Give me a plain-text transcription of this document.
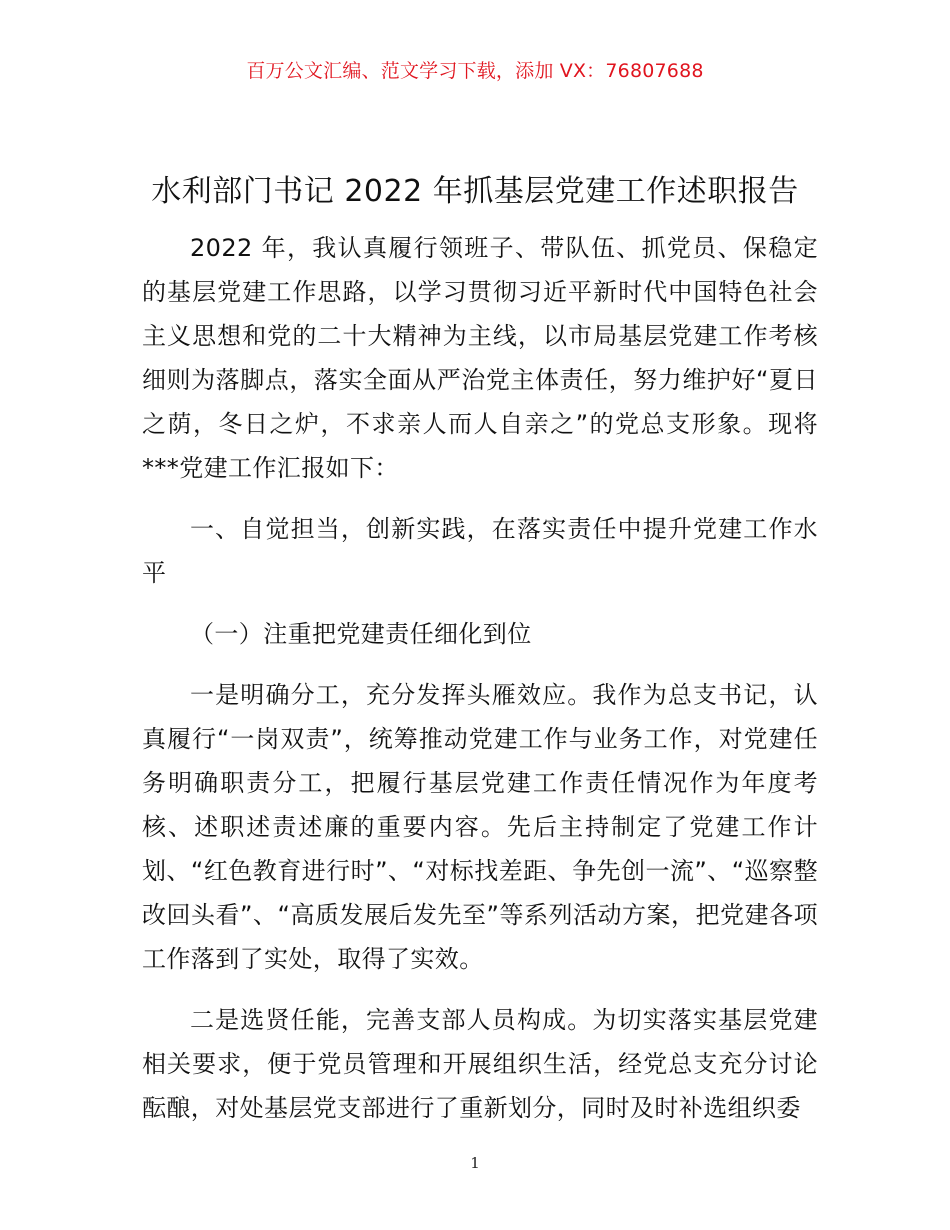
百万公文汇编、范文学习下载，添加 VX：76807688
水利部门书记 2022 年抓基层党建工作述职报告

2022 年，我认真履行领班子、带队伍、抓党员、保稳定的基层党建工作思路，以学习贯彻习近平新时代中国特色社会主义思想和党的二十大精神为主线，以市局基层党建工作考核细则为落脚点，落实全面从严治党主体责任，努力维护好“夏日之荫，冬日之炉，不求亲人而人自亲之”的党总支形象。现将***党建工作汇报如下：

一、自觉担当，创新实践，在落实责任中提升党建工作水平

（一）注重把党建责任细化到位

一是明确分工，充分发挥头雁效应。我作为总支书记，认真履行“一岗双责”，统筹推动党建工作与业务工作，对党建任务明确职责分工，把履行基层党建工作责任情况作为年度考核、述职述责述廉的重要内容。先后主持制定了党建工作计划、“红色教育进行时”、“对标找差距、争先创一流”、“巡察整改回头看”、“高质发展后发先至”等系列活动方案，把党建各项工作落到了实处，取得了实效。

二是选贤任能，完善支部人员构成。为切实落实基层党建相关要求，便于党员管理和开展组织生活，经党总支充分讨论酝酿，对处基层党支部进行了重新划分，同时及时补选组织委

1
